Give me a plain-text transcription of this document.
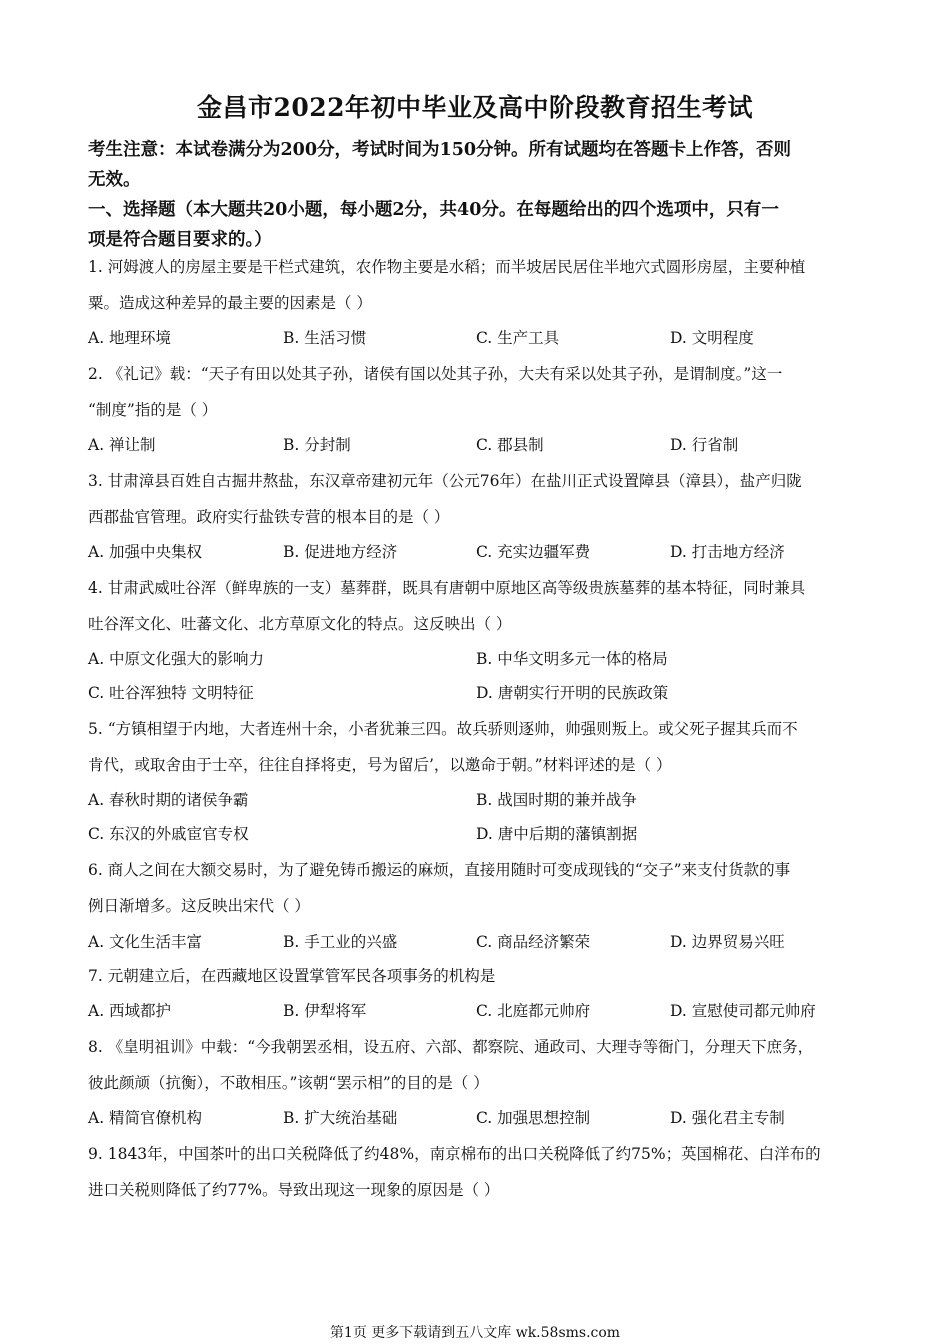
金昌市2022年初中毕业及高中阶段教育招生考试
考生注意：本试卷满分为200分，考试时间为150分钟。所有试题均在答题卡上作答，否则
无效。
一、选择题（本大题共20小题，每小题2分，共40分。在每题给出的四个选项中，只有一
项是符合题目要求的。）
1. 河姆渡人的房屋主要是干栏式建筑，农作物主要是水稻；而半坡居民居住半地穴式圆形房屋，主要种植
粟。造成这种差异的最主要的因素是（ ）
A. 地理环境	B. 生活习惯	C. 生产工具	D. 文明程度
2. 《礼记》载：“天子有田以处其子孙，诸侯有国以处其子孙，大夫有采以处其子孙，是谓制度。”这一
“制度”指的是（ ）
A. 禅让制	B. 分封制	C. 郡县制	D. 行省制
3. 甘肃漳县百姓自古掘井熬盐，东汉章帝建初元年（公元76年）在盐川正式设置障县（漳县），盐产归陇
西郡盐官管理。政府实行盐铁专营的根本目的是（ ）
A. 加强中央集权	B. 促进地方经济	C. 充实边疆军费	D. 打击地方经济
4. 甘肃武威吐谷浑（鲜卑族的一支）墓葬群，既具有唐朝中原地区高等级贵族墓葬的基本特征，同时兼具
吐谷浑文化、吐蕃文化、北方草原文化的特点。这反映出（ ）
A. 中原文化强大的影响力	B. 中华文明多元一体的格局
C. 吐谷浑独特 文明特征	D. 唐朝实行开明的民族政策
5. “方镇相望于内地，大者连州十余，小者犹兼三四。故兵骄则逐帅，帅强则叛上。或父死子握其兵而不
肯代，或取舍由于士卒，往往自择将吏，号为留后’，以邀命于朝。”材料评述的是（ ）
A. 春秋时期的诸侯争霸	B. 战国时期的兼并战争
C. 东汉的外戚宦官专权	D. 唐中后期的藩镇割据
6. 商人之间在大额交易时，为了避免铸币搬运的麻烦，直接用随时可变成现钱的“交子”来支付货款的事
例日渐增多。这反映出宋代（ ）
A. 文化生活丰富	B. 手工业的兴盛	C. 商品经济繁荣	D. 边界贸易兴旺
7. 元朝建立后，在西藏地区设置掌管军民各项事务的机构是
A. 西域都护	B. 伊犁将军	C. 北庭都元帅府	D. 宣慰使司都元帅府
8. 《皇明祖训》中载：“今我朝罢丞相，设五府、六部、都察院、通政司、大理寺等衙门，分理天下庶务，
彼此颜颃（抗衡），不敢相压。”该朝“罢示相”的目的是（ ）
A. 精简官僚机构	B. 扩大统治基础	C. 加强思想控制	D. 强化君主专制
9. 1843年，中国茶叶的出口关税降低了约48%，南京棉布的出口关税降低了约75%；英国棉花、白洋布的
进口关税则降低了约77%。导致出现这一现象的原因是（ ）
第1页 更多下载请到五八文库 wk.58sms.com
